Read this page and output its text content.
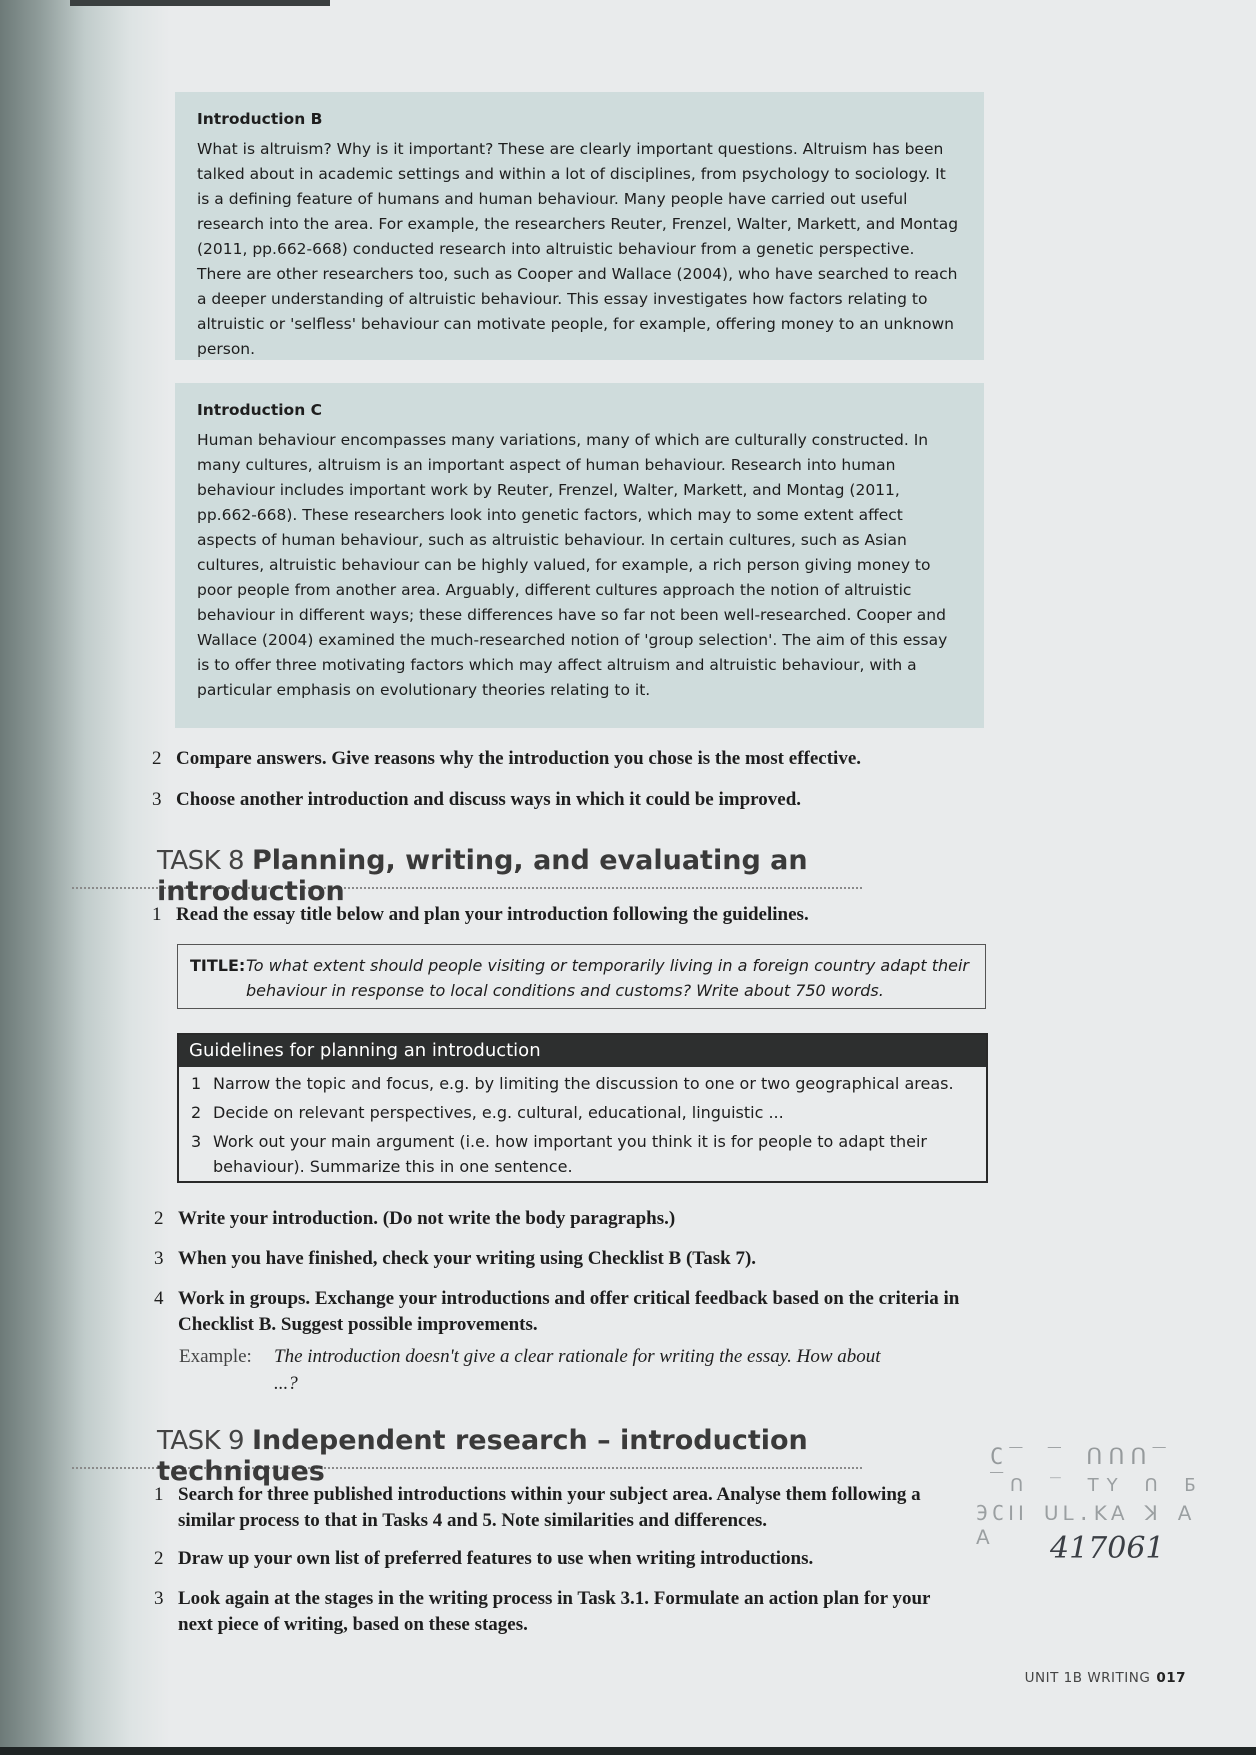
Introduction B

What is altruism? Why is it important? These are clearly important questions. Altruism has been talked about in academic settings and within a lot of disciplines, from psychology to sociology. It is a defining feature of humans and human behaviour. Many people have carried out useful research into the area. For example, the researchers Reuter, Frenzel, Walter, Markett, and Montag (2011, pp.662-668) conducted research into altruistic behaviour from a genetic perspective. There are other researchers too, such as Cooper and Wallace (2004), who have searched to reach a deeper understanding of altruistic behaviour. This essay investigates how factors relating to altruistic or 'selfless' behaviour can motivate people, for example, offering money to an unknown person.

Introduction C

Human behaviour encompasses many variations, many of which are culturally constructed. In many cultures, altruism is an important aspect of human behaviour. Research into human behaviour includes important work by Reuter, Frenzel, Walter, Markett, and Montag (2011, pp.662-668). These researchers look into genetic factors, which may to some extent affect aspects of human behaviour, such as altruistic behaviour. In certain cultures, such as Asian cultures, altruistic behaviour can be highly valued, for example, a rich person giving money to poor people from another area. Arguably, different cultures approach the notion of altruistic behaviour in different ways; these differences have so far not been well-researched. Cooper and Wallace (2004) examined the much-researched notion of 'group selection'. The aim of this essay is to offer three motivating factors which may affect altruism and altruistic behaviour, with a particular emphasis on evolutionary theories relating to it.

2 Compare answers. Give reasons why the introduction you chose is the most effective.
3 Choose another introduction and discuss ways in which it could be improved.
TASK 8 Planning, writing, and evaluating an introduction
1 Read the essay title below and plan your introduction following the guidelines.
TITLE: To what extent should people visiting or temporarily living in a foreign country adapt their behaviour in response to local conditions and customs? Write about 750 words.
Guidelines for planning an introduction
1 Narrow the topic and focus, e.g. by limiting the discussion to one or two geographical areas.
2 Decide on relevant perspectives, e.g. cultural, educational, linguistic ...
3 Work out your main argument (i.e. how important you think it is for people to adapt their behaviour). Summarize this in one sentence.
2 Write your introduction. (Do not write the body paragraphs.)
3 When you have finished, check your writing using Checklist B (Task 7).
4 Work in groups. Exchange your introductions and offer critical feedback based on the criteria in Checklist B. Suggest possible improvements.
Example: The introduction doesn't give a clear rationale for writing the essay. How about ...?
TASK 9 Independent research – introduction techniques
1 Search for three published introductions within your subject area. Analyse them following a similar process to that in Tasks 4 and 5. Note similarities and differences.
2 Draw up your own list of preferred features to use when writing introductions.
3 Look again at the stages in the writing process in Task 3.1. Formulate an action plan for your next piece of writing, based on these stages.
C‾ ‾ ᑎᑎᑎ‾ ‾ ᑎ ‾ ꓔꓬ ᑎ Б
ЭСꓲꓲ ꓴꓡ.ꓗꓮ ꓘ ꓮ ꓮ	417061
UNIT 1B WRITING 017
